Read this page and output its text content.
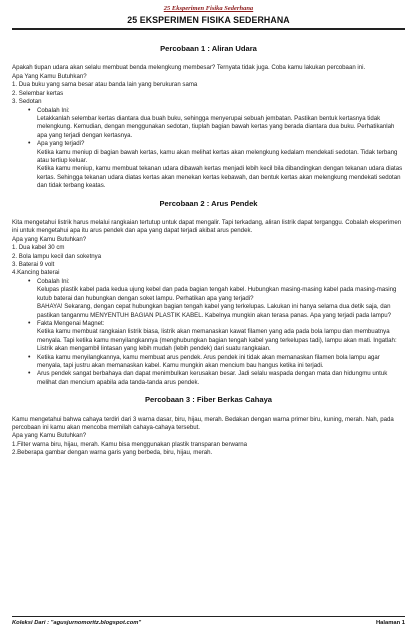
25 Eksperimen Fisika Sederhana
25 EKSPERIMEN FISIKA SEDERHANA
Percobaan 1 : Aliran Udara

Apakah tiupan udara akan selalu membuat benda melengkung membesar? Ternyata tidak juga. Coba kamu lakukan percobaan ini.

Apa Yang Kamu Butuhkan?

1. Dua buku yang sama besar atau banda lain yang berukuran sama

2. Selembar kertas

3. Sedotan

• Cobalah Ini:
Letakkanlah selembar kertas diantara dua buah buku, sehingga menyerupai sebuah jembatan. Pastikan bentuk kertasnya tidak melengkung. Kemudian, dengan menggunakan sedotan, tiuplah bagian bawah kertas yang berada diantara dua buku. Perhatikanlah apa yang terjadi dengan kertasnya.
• Apa yang terjadi?
Ketika kamu meniup di bagian bawah kertas, kamu akan melihat kertas akan melengkung kedalam mendekati sedotan. Tidak terbang atau tertiup keluar.
Ketika kamu meniup, kamu membuat tekanan udara dibawah kertas menjadi lebih kecil bila dibandingkan dengan tekanan udara diatas kertas. Sehingga tekanan udara diatas kertas akan menekan kertas kebawah, dan bentuk kertas akan melengkung mendekati sedotan dan tidak terbang keatas.
Percobaan 2 : Arus Pendek

Kita mengetahui listrik harus melalui rangkaian tertutup untuk dapat mengalir. Tapi terkadang, aliran listrik dapat terganggu. Cobalah eksperimen ini untuk mengetahui apa itu arus pendek dan apa yang dapat terjadi akibat arus pendek.

Apa yang Kamu Butuhkan?

1. Dua kabel 30 cm

2. Bola lampu kecil dan soketnya

3. Baterai 9 volt

4.Kancing baterai

• Cobalah Ini:
Kelupas plastik kabel pada kedua ujung kebel dan pada bagian tengah kabel. Hubungkan masing-masing kabel pada masing-masing kutub baterai dan hubungkan dengan soket lampu. Perhatikan apa yang terjadi?
BAHAYA! Sekarang, dengan cepat hubungkan bagian tengah kabel yang terkelupas. Lakukan ini hanya selama dua detik saja, dan pastikan tanganmu MENYENTUH BAGIAN PLASTIK KABEL. Kabelnya mungkin akan terasa panas. Apa yang terjadi pada lampu?
• Fakta Mengenai Magnet:
Ketika kamu membuat rangkaian listrik biasa, listrik akan memanaskan kawat filamen yang ada pada bola lampu dan membuatnya menyala. Tapi ketika kamu menyilangkannya (menghubungkan bagian tengah kabel yang terkelupas tadi), lampu akan mati. Ingatlah: Listrik akan mengambil lintasan yang lebih mudah (lebih pendek) dari suatu rangkaian.
• Ketika kamu menyilangkannya, kamu membuat arus pendek. Arus pendek ini tidak akan memanaskan filamen bola lampu agar menyala, tapi justru akan memanaskan kabel. Kamu mungkin akan mencium bau hangus ketika ini terjadi.
• Arus pendek sangat berbahaya dan dapat menimbulkan kerusakan besar. Jadi selalu waspada dengan mata dan hidungmu untuk melihat dan mencium apabila ada tanda-tanda arus pendek.
Percobaan 3 : Fiber Berkas Cahaya

Kamu mengetahui bahwa cahaya terdiri dari 3 warna dasar, biru, hijau, merah. Bedakan dengan warna primer biru, kuning, merah. Nah, pada percobaan ini kamu akan mencoba memilah cahaya-cahaya tersebut.

Apa yang Kamu Butuhkan?

1.Filter warna biru, hijau, merah. Kamu bisa menggunakan plastik transparan berwarna

2.Beberapa gambar dengan warna garis yang berbeda, biru, hijau, merah.

Koleksi Dari : "agusjurnomoritz.blogspot.com"	Halaman 1
